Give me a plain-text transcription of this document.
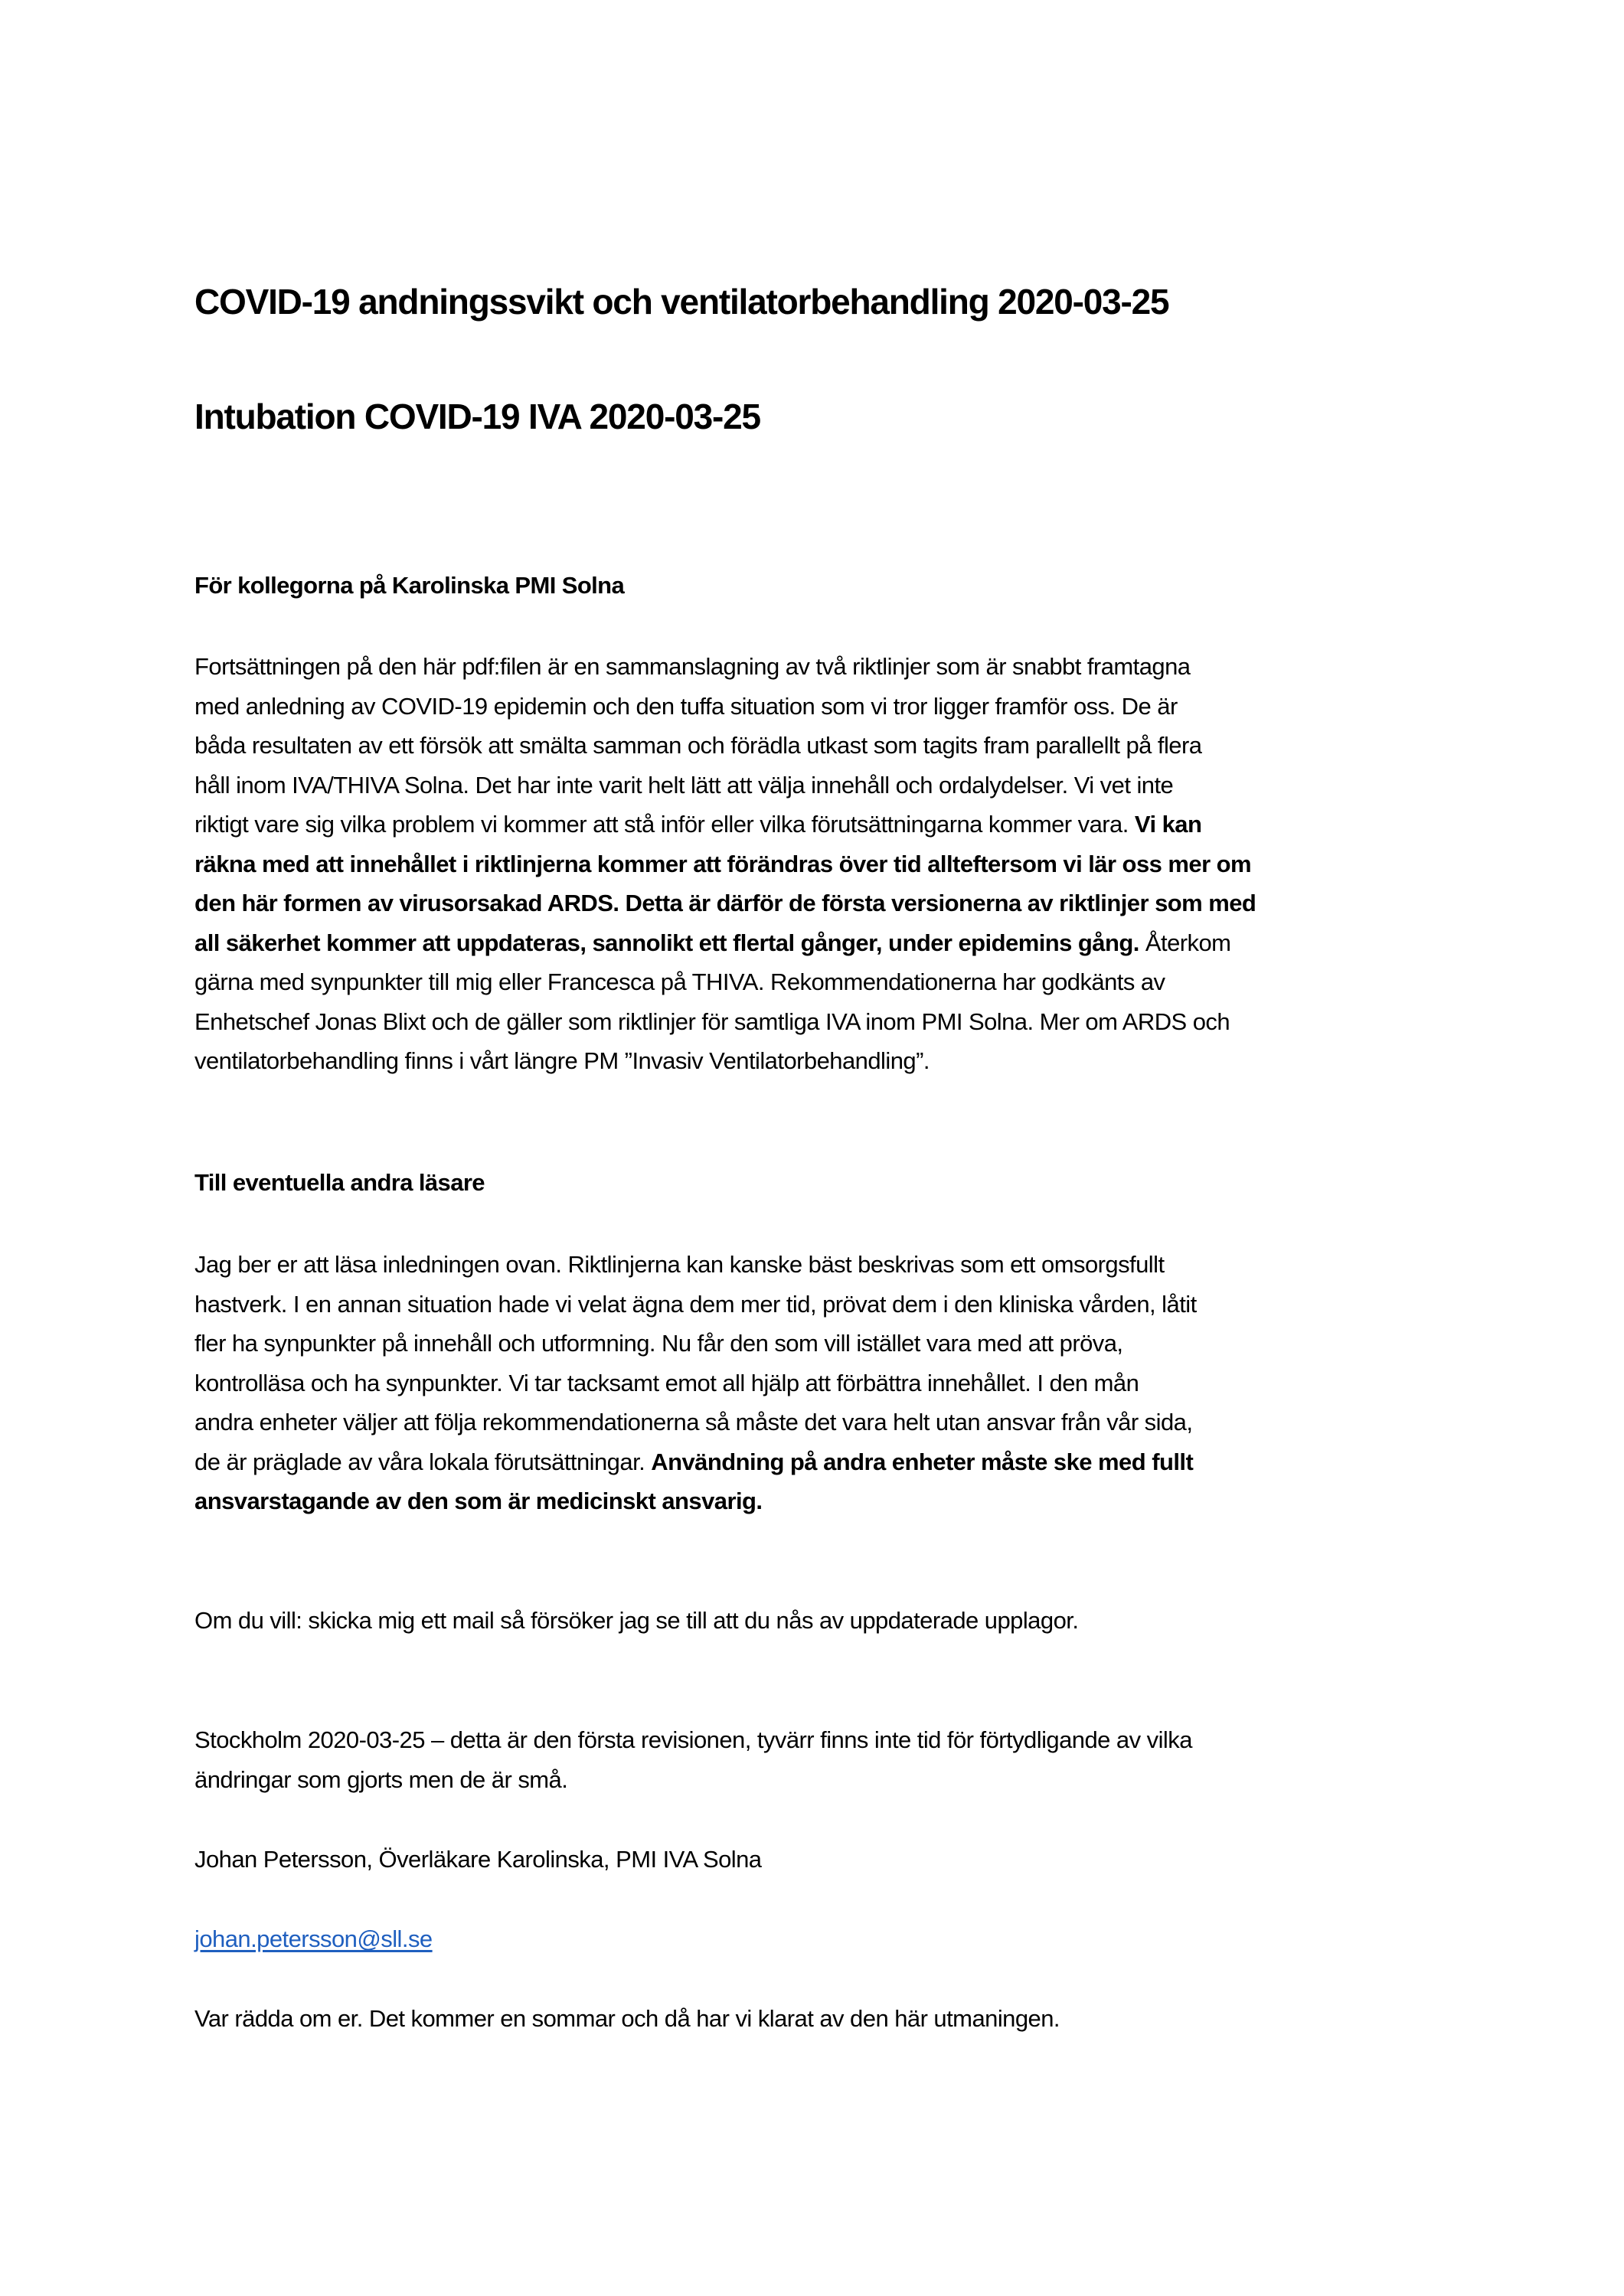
COVID-19 andningssvikt och ventilatorbehandling 2020-03-25
Intubation COVID-19 IVA 2020-03-25
För kollegorna på Karolinska PMI Solna
Fortsättningen på den här pdf:filen är en sammanslagning av två riktlinjer som är snabbt framtagna
med anledning av COVID-19 epidemin och den tuffa situation som vi tror ligger framför oss. De är
båda resultaten av ett försök att smälta samman och förädla utkast som tagits fram parallellt på flera
håll inom IVA/THIVA Solna. Det har inte varit helt lätt att välja innehåll och ordalydelser. Vi vet inte
riktigt vare sig vilka problem vi kommer att stå inför eller vilka förutsättningarna kommer vara. Vi kan
räkna med att innehållet i riktlinjerna kommer att förändras över tid allteftersom vi lär oss mer om
den här formen av virusorsakad ARDS. Detta är därför de första versionerna av riktlinjer som med
all säkerhet kommer att uppdateras, sannolikt ett flertal gånger, under epidemins gång. Återkom
gärna med synpunkter till mig eller Francesca på THIVA. Rekommendationerna har godkänts av
Enhetschef Jonas Blixt och de gäller som riktlinjer för samtliga IVA inom PMI Solna. Mer om ARDS och
ventilatorbehandling finns i vårt längre PM ”Invasiv Ventilatorbehandling”.
Till eventuella andra läsare
Jag ber er att läsa inledningen ovan. Riktlinjerna kan kanske bäst beskrivas som ett omsorgsfullt
hastverk. I en annan situation hade vi velat ägna dem mer tid, prövat dem i den kliniska vården, låtit
fler ha synpunkter på innehåll och utformning. Nu får den som vill istället vara med att pröva,
kontrolläsa och ha synpunkter. Vi tar tacksamt emot all hjälp att förbättra innehållet. I den mån
andra enheter väljer att följa rekommendationerna så måste det vara helt utan ansvar från vår sida,
de är präglade av våra lokala förutsättningar. Användning på andra enheter måste ske med fullt
ansvarstagande av den som är medicinskt ansvarig.

Om du vill: skicka mig ett mail så försöker jag se till att du nås av uppdaterade upplagor.

Stockholm 2020-03-25 – detta är den första revisionen, tyvärr finns inte tid för förtydligande av vilka
ändringar som gjorts men de är små.

Johan Petersson, Överläkare Karolinska, PMI IVA Solna

johan.petersson@sll.se

Var rädda om er. Det kommer en sommar och då har vi klarat av den här utmaningen.
